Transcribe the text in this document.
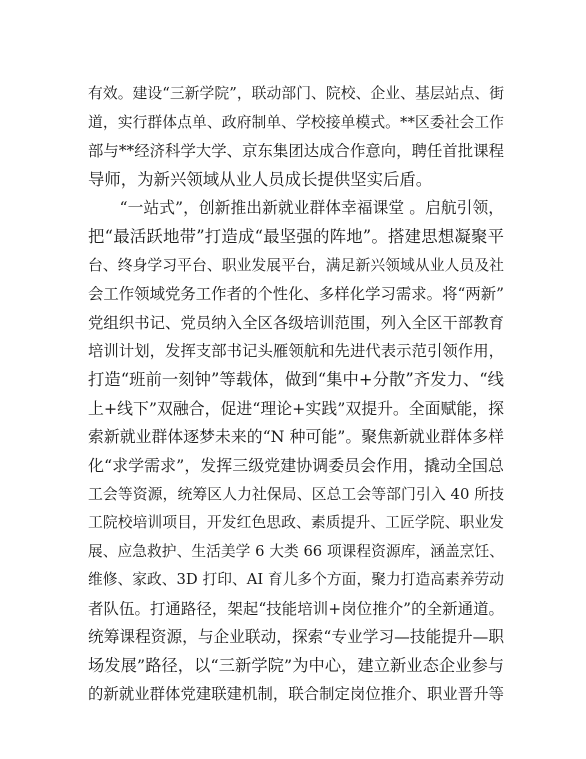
有效。建设“三新学院”，联动部门、院校、企业、基层站点、街
道，实行群体点单、政府制单、学校接单模式。**区委社会工作
部与**经济科学大学、京东集团达成合作意向，聘任首批课程
导师，为新兴领域从业人员成长提供坚实后盾。
“一站式”，创新推出新就业群体幸福课堂 。启航引领，
把“最活跃地带”打造成“最坚强的阵地”。搭建思想凝聚平
台、终身学习平台、职业发展平台，满足新兴领域从业人员及社
会工作领域党务工作者的个性化、多样化学习需求。将“两新”
党组织书记、党员纳入全区各级培训范围，列入全区干部教育
培训计划，发挥支部书记头雁领航和先进代表示范引领作用，
打造“班前一刻钟”等载体，做到“集中+分散”齐发力、“线
上+线下”双融合，促进“理论+实践”双提升。全面赋能，探
索新就业群体逐梦未来的“N 种可能”。聚焦新就业群体多样
化“求学需求”，发挥三级党建协调委员会作用，撬动全国总
工会等资源，统筹区人力社保局、区总工会等部门引入 40 所技
工院校培训项目，开发红色思政、素质提升、工匠学院、职业发
展、应急救护、生活美学 6 大类 66 项课程资源库，涵盖烹饪、
维修、家政、3D 打印、AI 育儿多个方面，聚力打造高素养劳动
者队伍。打通路径，架起“技能培训+岗位推介”的全新通道。
统筹课程资源，与企业联动，探索“专业学习—技能提升—职
场发展”路径，以“三新学院”为中心，建立新业态企业参与
的新就业群体党建联建机制，联合制定岗位推介、职业晋升等
